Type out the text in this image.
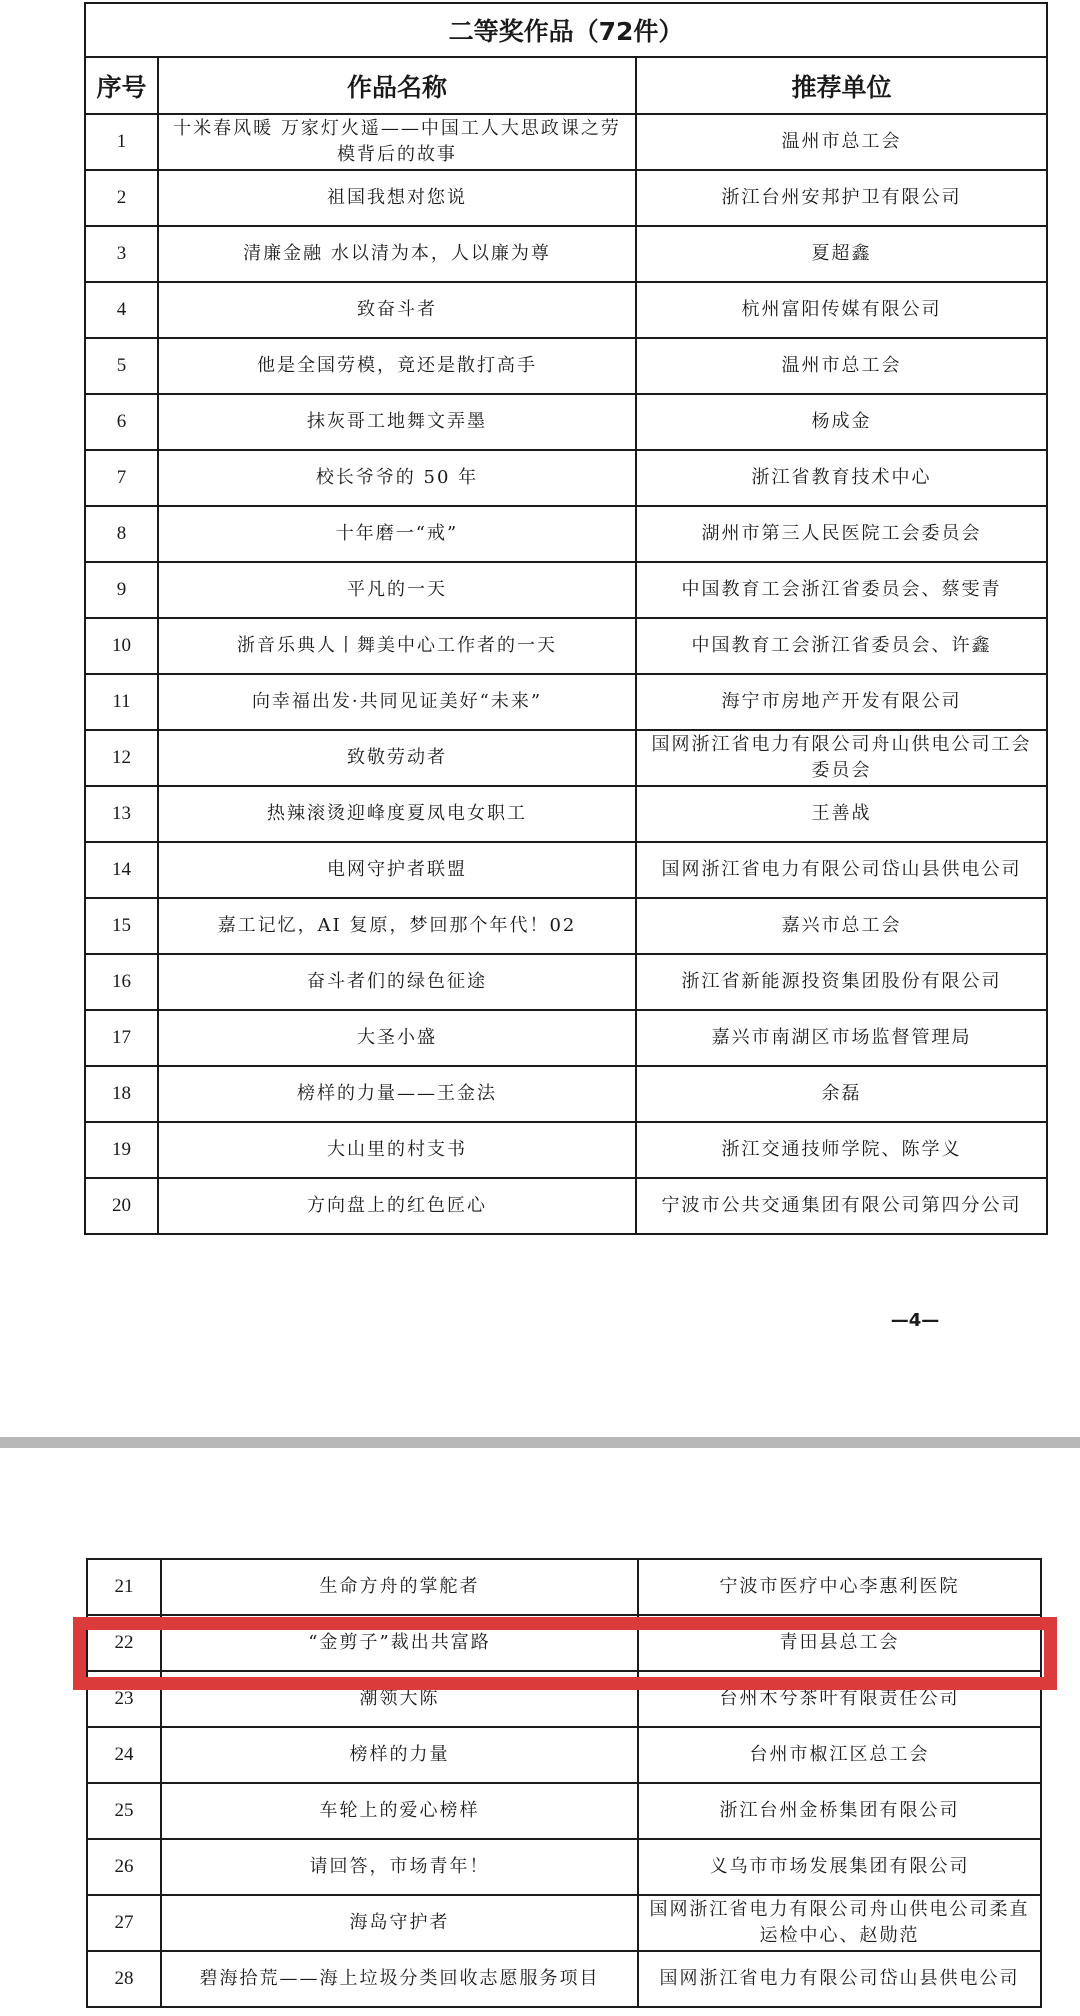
二等奖作品（72件）		
序号	作品名称	推荐单位
1	十米春风暖 万家灯火遥——中国工人大思政课之劳模背后的故事	温州市总工会
2	祖国我想对您说	浙江台州安邦护卫有限公司
3	清廉金融 水以清为本，人以廉为尊	夏超鑫
4	致奋斗者	杭州富阳传媒有限公司
5	他是全国劳模，竟还是散打高手	温州市总工会
6	抹灰哥工地舞文弄墨	杨成金
7	校长爷爷的 50 年	浙江省教育技术中心
8	十年磨一“戒”	湖州市第三人民医院工会委员会
9	平凡的一天	中国教育工会浙江省委员会、蔡雯青
10	浙音乐典人丨舞美中心工作者的一天	中国教育工会浙江省委员会、许鑫
11	向幸福出发·共同见证美好“未来”	海宁市房地产开发有限公司
12	致敬劳动者	国网浙江省电力有限公司舟山供电公司工会委员会
13	热辣滚烫迎峰度夏凤电女职工	王善战
14	电网守护者联盟	国网浙江省电力有限公司岱山县供电公司
15	嘉工记忆，AI 复原，梦回那个年代！02	嘉兴市总工会
16	奋斗者们的绿色征途	浙江省新能源投资集团股份有限公司
17	大圣小盛	嘉兴市南湖区市场监督管理局
18	榜样的力量——王金法	余磊
19	大山里的村支书	浙江交通技师学院、陈学义
20	方向盘上的红色匠心	宁波市公共交通集团有限公司第四分公司
—4—
21	生命方舟的掌舵者	宁波市医疗中心李惠利医院
22	“金剪子”裁出共富路	青田县总工会
23	潮领大陈	台州木兮茶叶有限责任公司
24	榜样的力量	台州市椒江区总工会
25	车轮上的爱心榜样	浙江台州金桥集团有限公司
26	请回答，市场青年！	义乌市市场发展集团有限公司
27	海岛守护者	国网浙江省电力有限公司舟山供电公司柔直运检中心、赵勋范
28	碧海拾荒——海上垃圾分类回收志愿服务项目	国网浙江省电力有限公司岱山县供电公司
